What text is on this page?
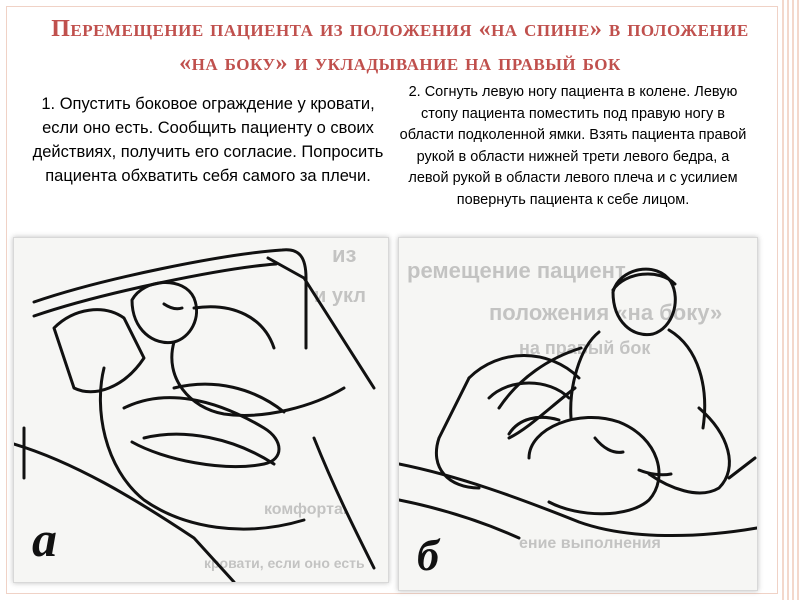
Перемещение пациента из положения «на спине» в положение «на боку» и укладывание на правый бок

1. Опустить боковое ограждение у кровати, если оно есть. Сообщить пациенту о своих действиях, получить его согласие. Попросить пациента обхватить себя самого за плечи.

2. Согнуть левую ногу пациента в колене. Левую стопу пациента поместить под правую ногу в области подколенной ямки. Взять пациента правой рукой в области нижней трети левого бедра, а левой рукой в области левого плеча и с усилием повернуть пациента к себе лицом.

из
и укл
комфорта.
кровати, если оно есть
а
ремещение пациент
положения «на боку»
на правый бок
ение выполнения
б
